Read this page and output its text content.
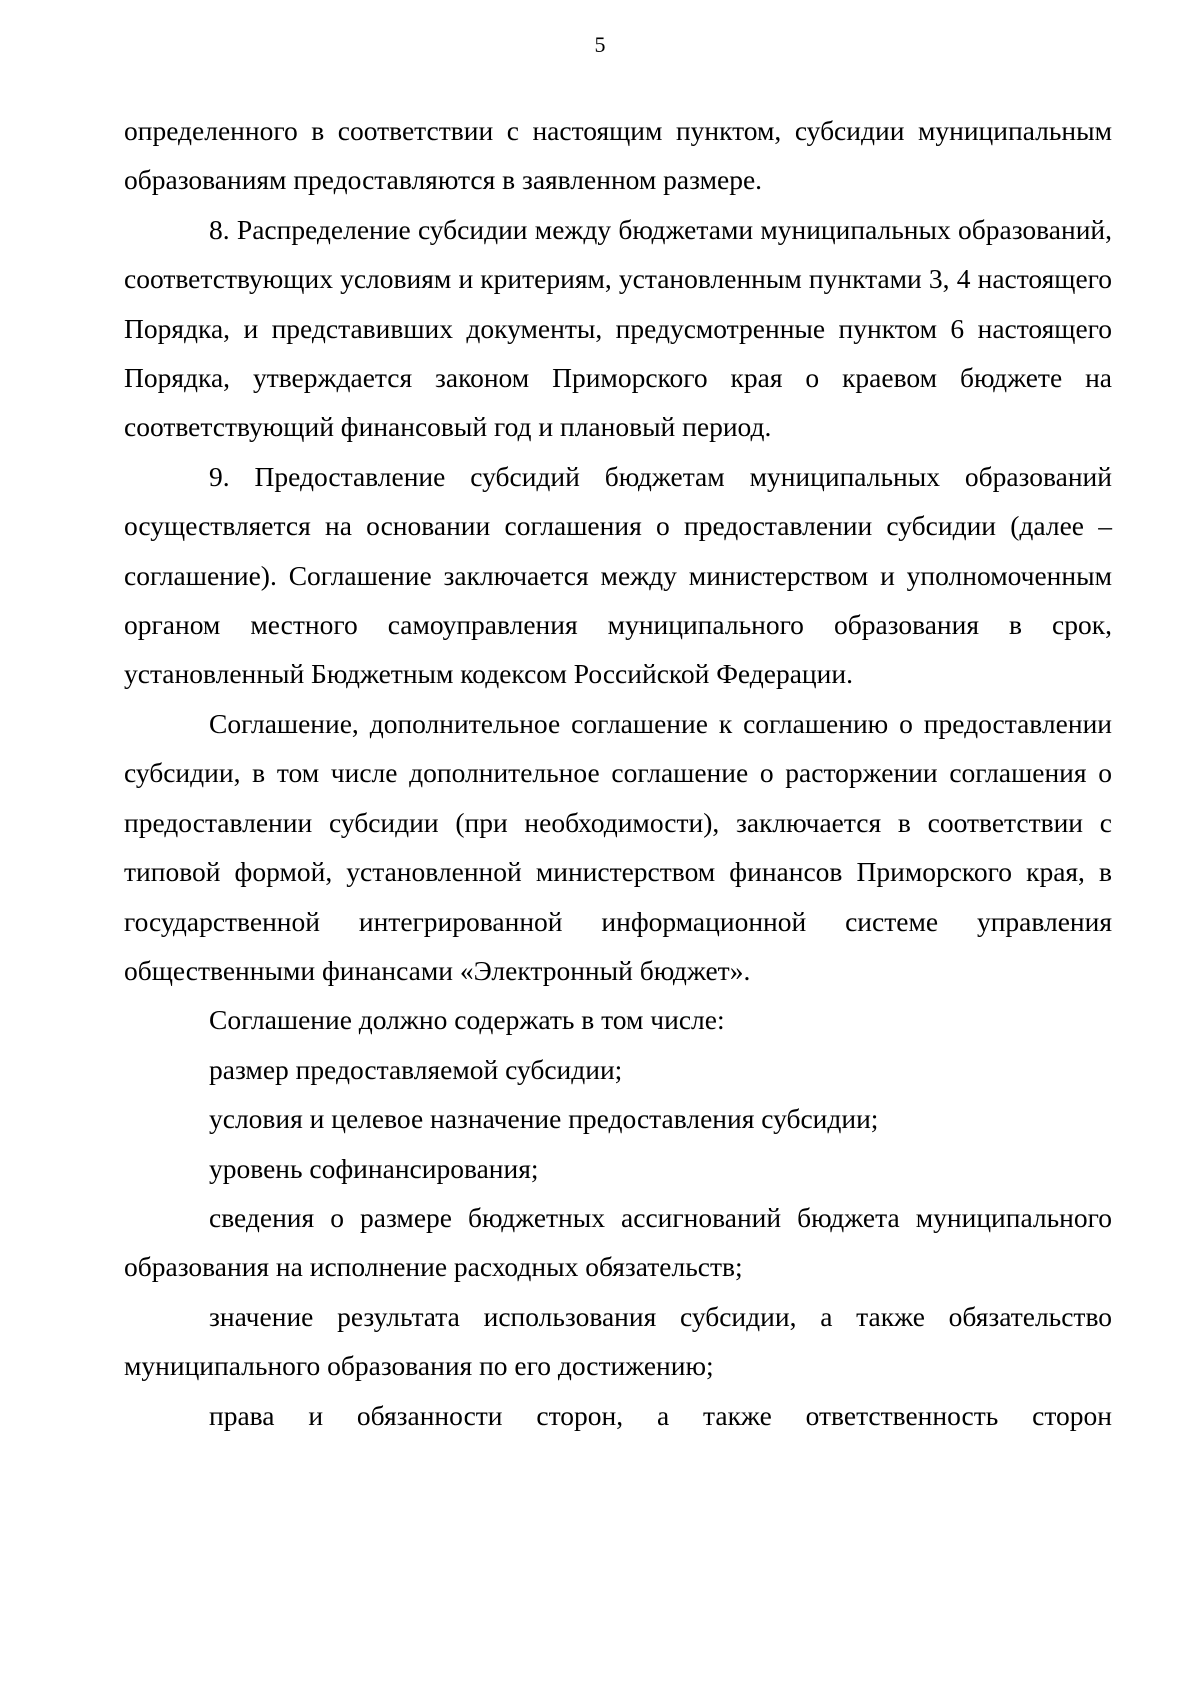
5

определенного в соответствии с настоящим пунктом, субсидии муниципальным образованиям предоставляются в заявленном размере.

8. Распределение субсидии между бюджетами муниципальных образований, соответствующих условиям и критериям, установленным пунктами 3, 4 настоящего Порядка, и представивших документы, предусмотренные пунктом 6 настоящего Порядка, утверждается законом Приморского края о краевом бюджете на соответствующий финансовый год и плановый период.

9. Предоставление субсидий бюджетам муниципальных образований осуществляется на основании соглашения о предоставлении субсидии (далее – соглашение). Соглашение заключается между министерством и уполномоченным органом местного самоуправления муниципального образования в срок, установленный Бюджетным кодексом Российской Федерации.

Соглашение, дополнительное соглашение к соглашению о предоставлении субсидии, в том числе дополнительное соглашение о расторжении соглашения о предоставлении субсидии (при необходимости), заключается в соответствии с типовой формой, установленной министерством финансов Приморского края, в государственной интегрированной информационной системе управления общественными финансами «Электронный бюджет».

Соглашение должно содержать в том числе:

размер предоставляемой субсидии;

условия и целевое назначение предоставления субсидии;

уровень софинансирования;

сведения о размере бюджетных ассигнований бюджета муниципального образования на исполнение расходных обязательств;

значение результата использования субсидии, а также обязательство муниципального образования по его достижению;

права и обязанности сторон, а также ответственность сторон
